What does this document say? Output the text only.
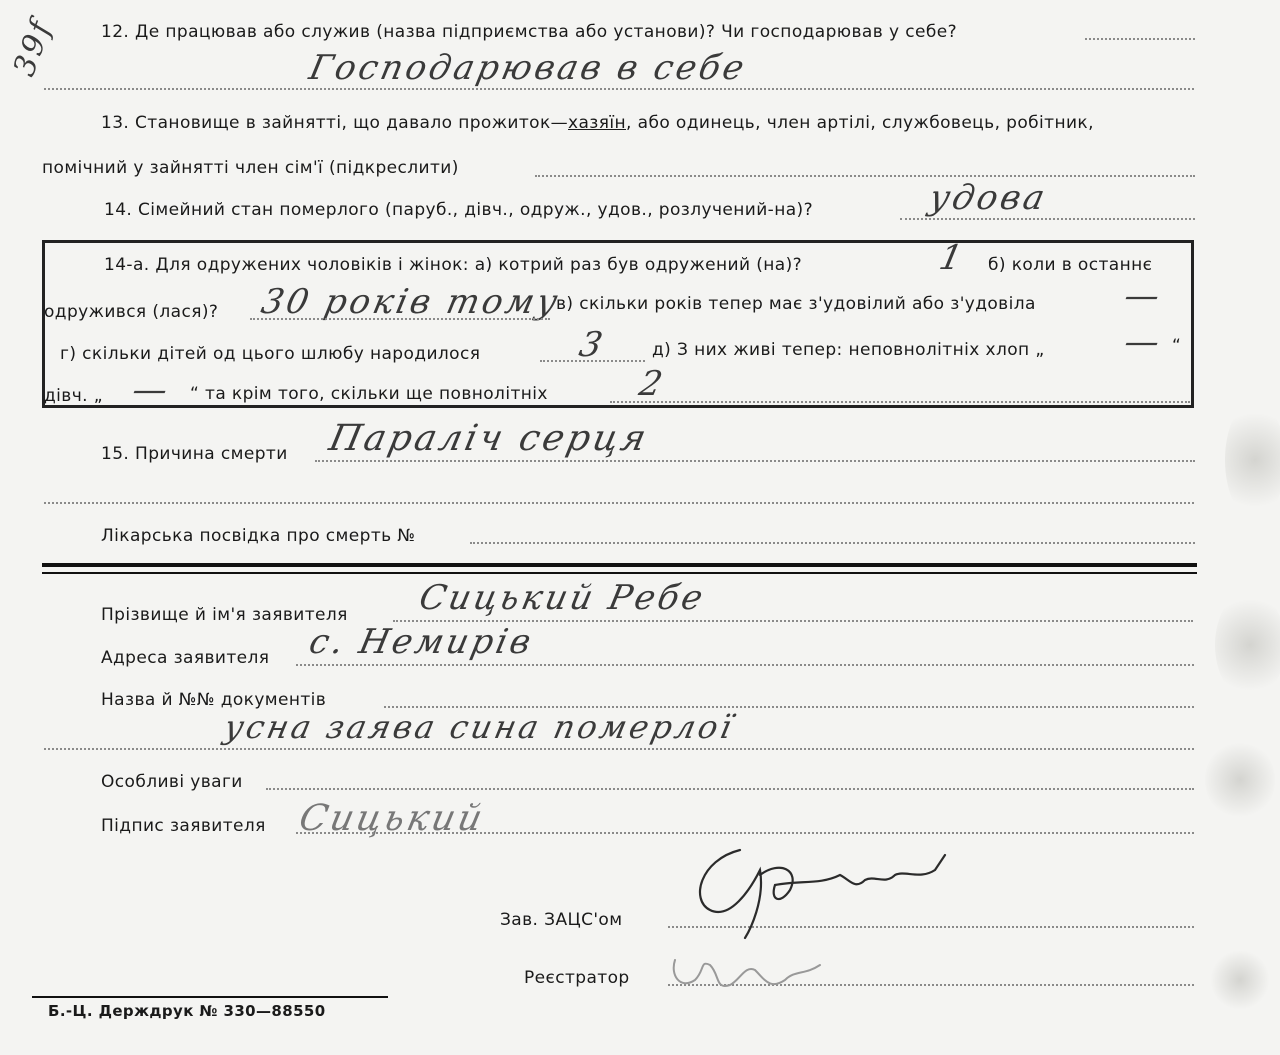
39f 12. Де працював або служив (назва підприємства або установи)? Чи господарював у себе?
Господарював в себе
13. Становище в зайнятті, що давало прожиток—хазяїн, або одинець, член артілі, службовець, робітник,
помічний у зайнятті член сім'ї (підкреслити)
14. Сімейний стан померлого (паруб., дівч., одруж., удов., розлучений-на)?	удова
14-а. Для одружених чоловіків і жінок: а) котрий раз був одружений (на)?	1 б) коли в останнє
одружився (лася)? 30 років тому
в) скільки років тепер має з'удовілий або з'удовіла —
г) скільки дітей од цього шлюбу народилося	3	д) З них живі тепер: неповнолітніх хлоп „ — “
дівч. „ — “ та крім того, скільки ще повнолітніх	2
15. Причина смерти Параліч серця
Лікарська посвідка про смерть №
Прізвище й ім'я заявителя Сицький Ребе
Адреса заявителя с. Немирів
Назва й №№ документів
усна заява сина померлої
Особливі уваги
Підпис заявителя Сицький
Зав. ЗАЦС'ом
Реєстратор
Б.-Ц. Держдрук № 330—88550
